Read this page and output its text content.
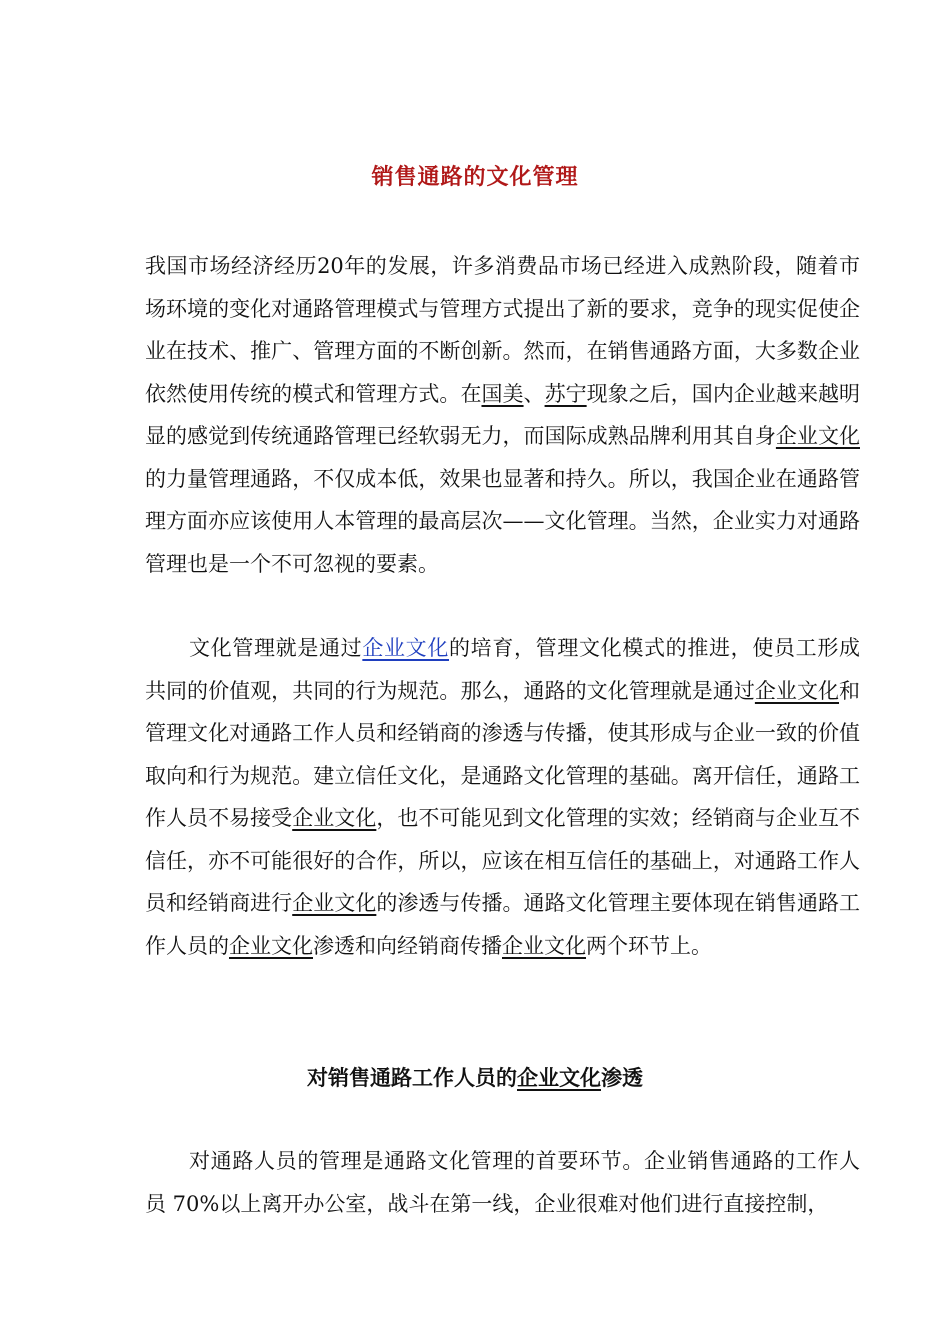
销售通路的文化管理

我国市场经济经历20年的发展，许多消费品市场已经进入成熟阶段，随着市场环境的变化对通路管理模式与管理方式提出了新的要求，竞争的现实促使企业在技术、推广、管理方面的不断创新。然而，在销售通路方面，大多数企业依然使用传统的模式和管理方式。在国美、苏宁现象之后，国内企业越来越明显的感觉到传统通路管理已经软弱无力，而国际成熟品牌利用其自身企业文化的力量管理通路，不仅成本低，效果也显著和持久。所以，我国企业在通路管理方面亦应该使用人本管理的最高层次——文化管理。当然，企业实力对通路管理也是一个不可忽视的要素。

文化管理就是通过企业文化的培育，管理文化模式的推进，使员工形成共同的价值观，共同的行为规范。那么，通路的文化管理就是通过企业文化和管理文化对通路工作人员和经销商的渗透与传播，使其形成与企业一致的价值取向和行为规范。建立信任文化，是通路文化管理的基础。离开信任，通路工作人员不易接受企业文化，也不可能见到文化管理的实效；经销商与企业互不信任，亦不可能很好的合作，所以，应该在相互信任的基础上，对通路工作人员和经销商进行企业文化的渗透与传播。通路文化管理主要体现在销售通路工作人员的企业文化渗透和向经销商传播企业文化两个环节上。

对销售通路工作人员的企业文化渗透

对通路人员的管理是通路文化管理的首要环节。企业销售通路的工作人员 70%以上离开办公室，战斗在第一线，企业很难对他们进行直接控制，
